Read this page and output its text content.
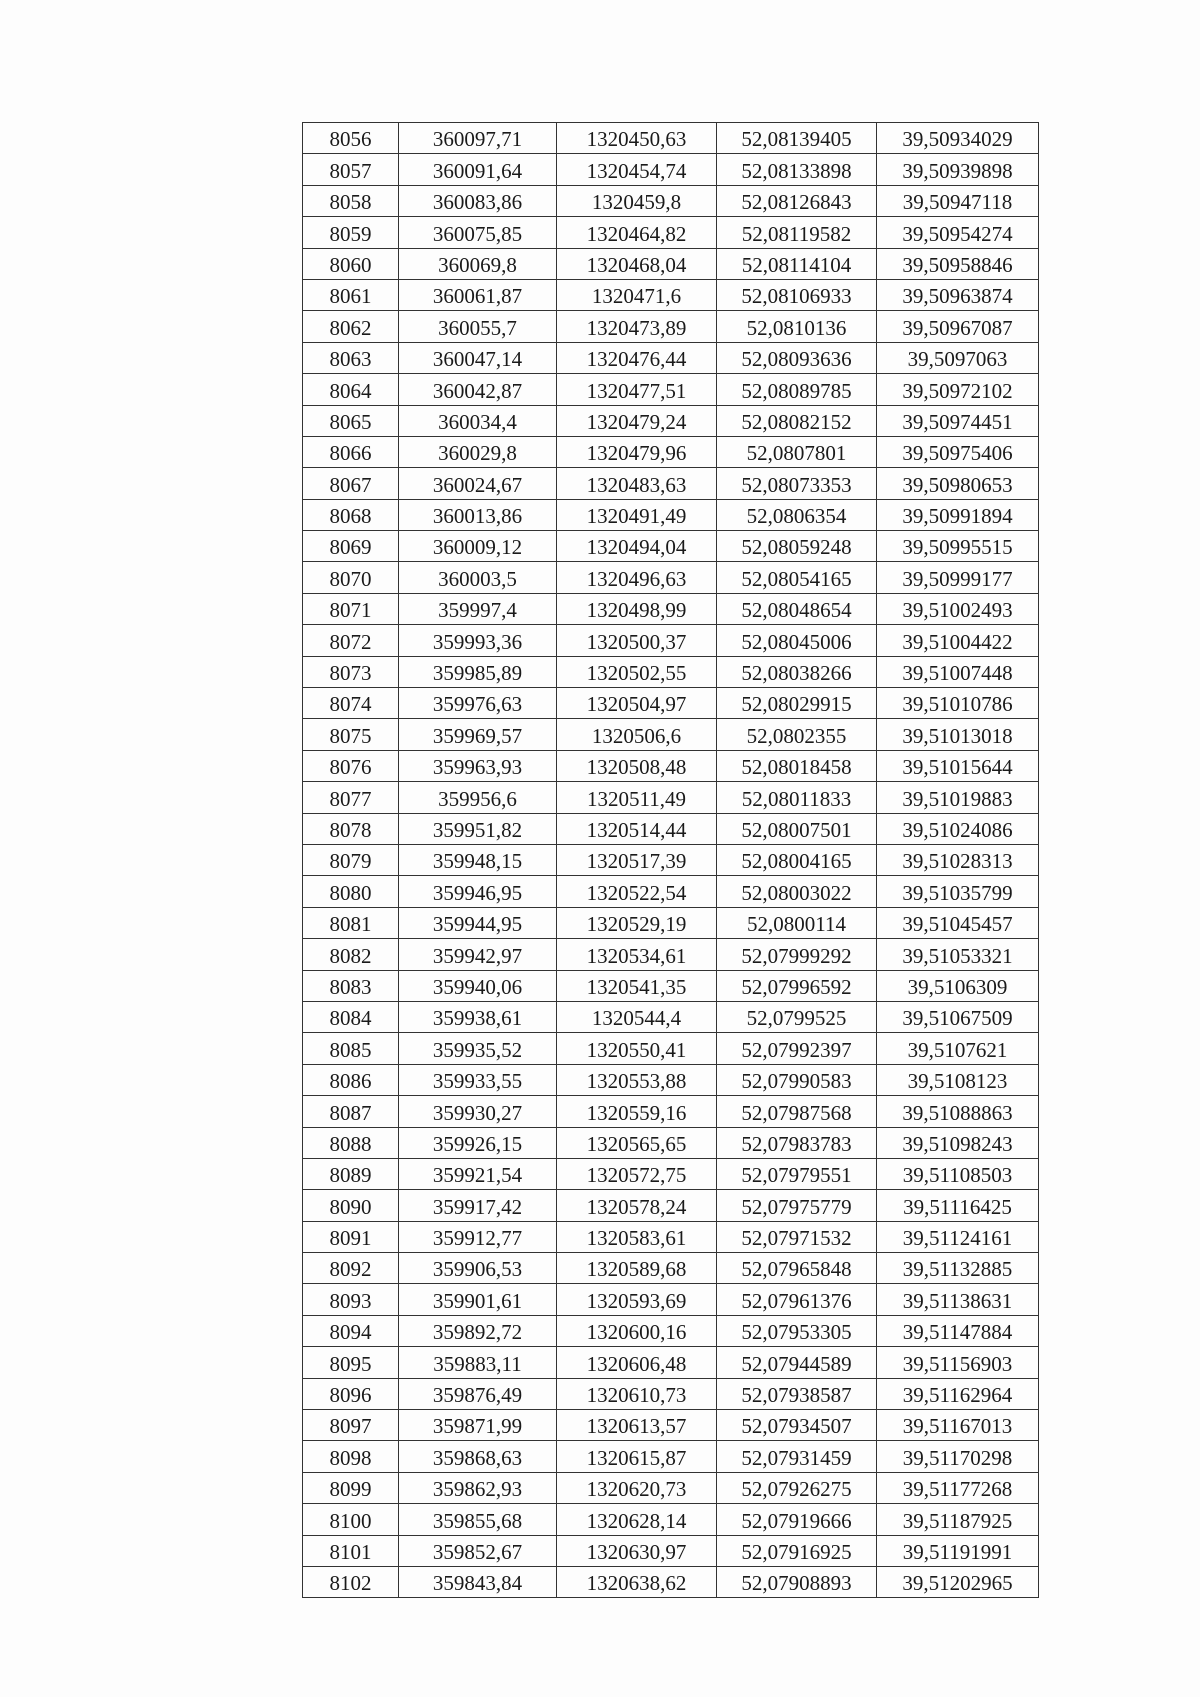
8056	360097,71	1320450,63	52,08139405	39,50934029
8057	360091,64	1320454,74	52,08133898	39,50939898
8058	360083,86	1320459,8	52,08126843	39,50947118
8059	360075,85	1320464,82	52,08119582	39,50954274
8060	360069,8	1320468,04	52,08114104	39,50958846
8061	360061,87	1320471,6	52,08106933	39,50963874
8062	360055,7	1320473,89	52,0810136	39,50967087
8063	360047,14	1320476,44	52,08093636	39,5097063
8064	360042,87	1320477,51	52,08089785	39,50972102
8065	360034,4	1320479,24	52,08082152	39,50974451
8066	360029,8	1320479,96	52,0807801	39,50975406
8067	360024,67	1320483,63	52,08073353	39,50980653
8068	360013,86	1320491,49	52,0806354	39,50991894
8069	360009,12	1320494,04	52,08059248	39,50995515
8070	360003,5	1320496,63	52,08054165	39,50999177
8071	359997,4	1320498,99	52,08048654	39,51002493
8072	359993,36	1320500,37	52,08045006	39,51004422
8073	359985,89	1320502,55	52,08038266	39,51007448
8074	359976,63	1320504,97	52,08029915	39,51010786
8075	359969,57	1320506,6	52,0802355	39,51013018
8076	359963,93	1320508,48	52,08018458	39,51015644
8077	359956,6	1320511,49	52,08011833	39,51019883
8078	359951,82	1320514,44	52,08007501	39,51024086
8079	359948,15	1320517,39	52,08004165	39,51028313
8080	359946,95	1320522,54	52,08003022	39,51035799
8081	359944,95	1320529,19	52,0800114	39,51045457
8082	359942,97	1320534,61	52,07999292	39,51053321
8083	359940,06	1320541,35	52,07996592	39,5106309
8084	359938,61	1320544,4	52,0799525	39,51067509
8085	359935,52	1320550,41	52,07992397	39,5107621
8086	359933,55	1320553,88	52,07990583	39,5108123
8087	359930,27	1320559,16	52,07987568	39,51088863
8088	359926,15	1320565,65	52,07983783	39,51098243
8089	359921,54	1320572,75	52,07979551	39,51108503
8090	359917,42	1320578,24	52,07975779	39,51116425
8091	359912,77	1320583,61	52,07971532	39,51124161
8092	359906,53	1320589,68	52,07965848	39,51132885
8093	359901,61	1320593,69	52,07961376	39,51138631
8094	359892,72	1320600,16	52,07953305	39,51147884
8095	359883,11	1320606,48	52,07944589	39,51156903
8096	359876,49	1320610,73	52,07938587	39,51162964
8097	359871,99	1320613,57	52,07934507	39,51167013
8098	359868,63	1320615,87	52,07931459	39,51170298
8099	359862,93	1320620,73	52,07926275	39,51177268
8100	359855,68	1320628,14	52,07919666	39,51187925
8101	359852,67	1320630,97	52,07916925	39,51191991
8102	359843,84	1320638,62	52,07908893	39,51202965
